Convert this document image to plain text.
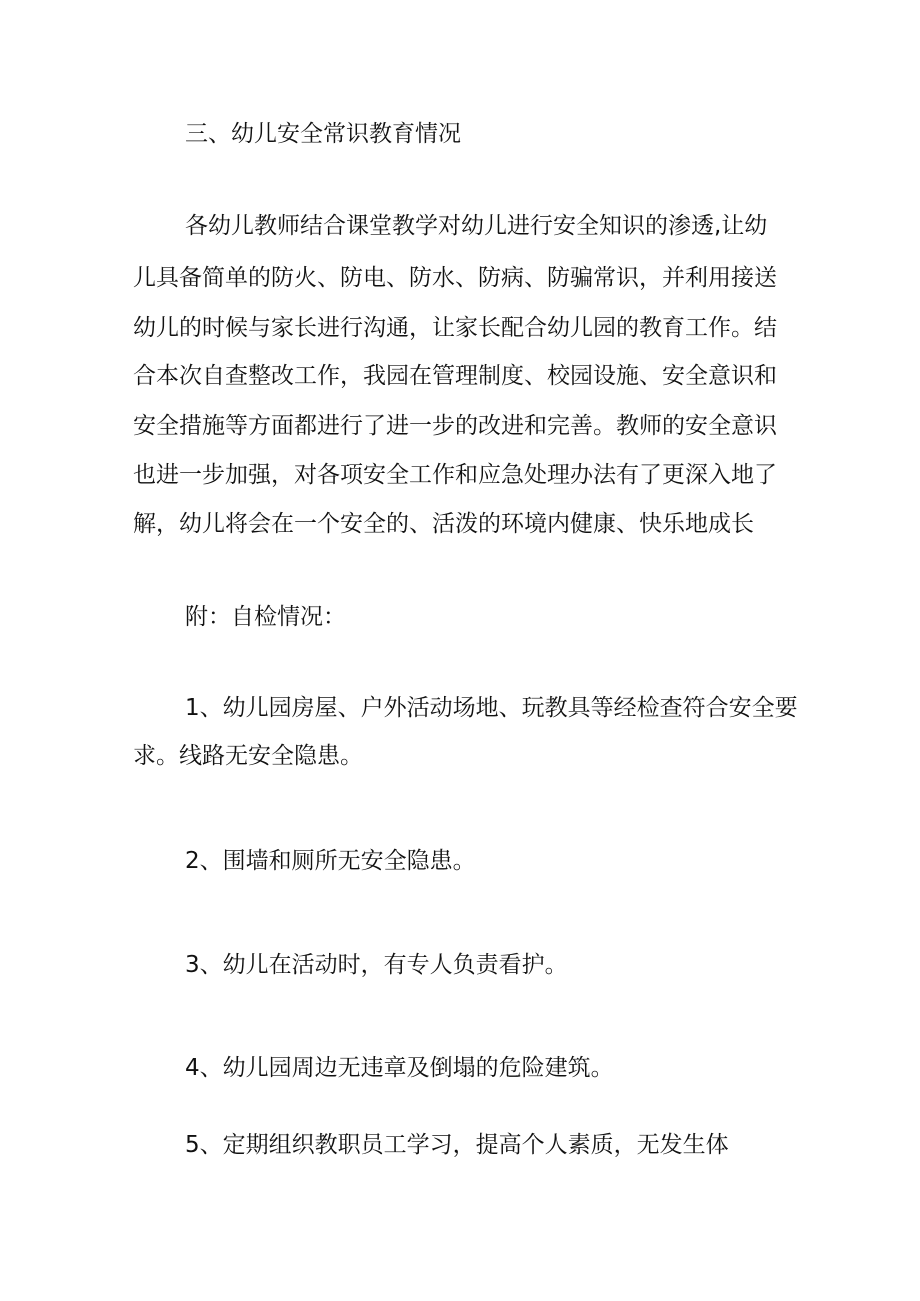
三、幼儿安全常识教育情况
各幼儿教师结合课堂教学对幼儿进行安全知识的渗透,让幼
儿具备简单的防火、防电、防水、防病、防骗常识，并利用接送
幼儿的时候与家长进行沟通，让家长配合幼儿园的教育工作。结
合本次自查整改工作，我园在管理制度、校园设施、安全意识和
安全措施等方面都进行了进一步的改进和完善。教师的安全意识
也进一步加强，对各项安全工作和应急处理办法有了更深入地了
解，幼儿将会在一个安全的、活泼的环境内健康、快乐地成长
附：自检情况：
1、幼儿园房屋、户外活动场地、玩教具等经检查符合安全要
求。线路无安全隐患。
2、围墙和厕所无安全隐患。
3、幼儿在活动时，有专人负责看护。
4、幼儿园周边无违章及倒塌的危险建筑。
5、定期组织教职员工学习，提高个人素质，无发生体
